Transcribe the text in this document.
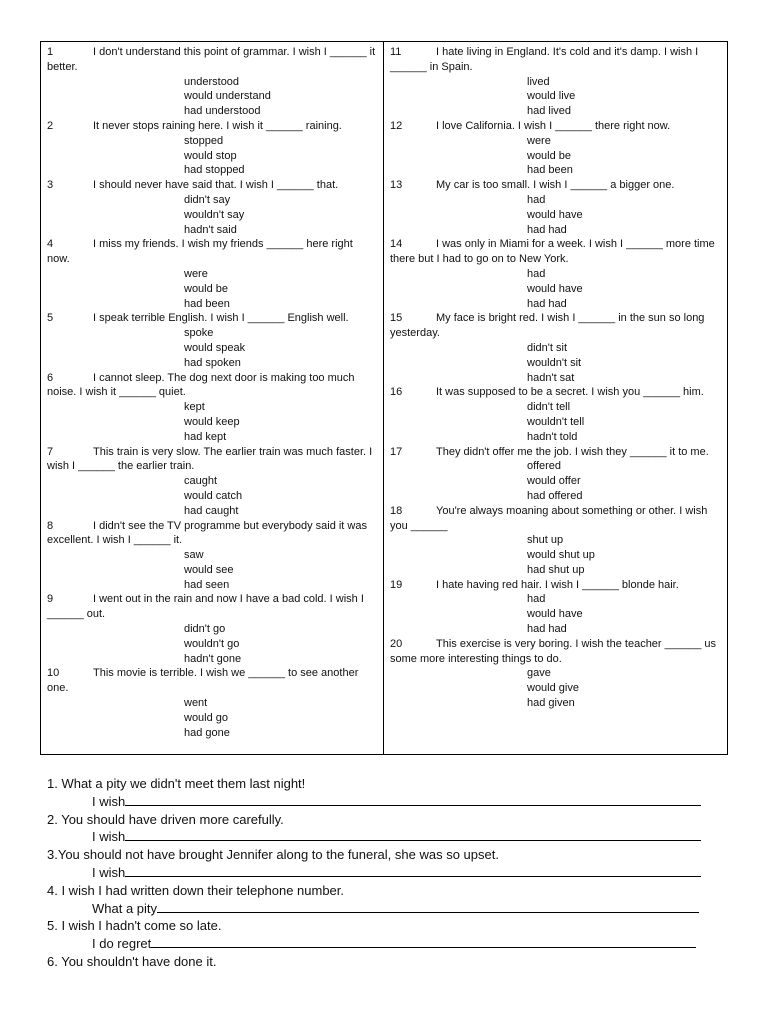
1	I don't understand this point of grammar. I wish I ______ it better.
understood
would understand
had understood
2	It never stops raining here. I wish it ______ raining.
stopped
would stop
had stopped
3	I should never have said that. I wish I ______ that.
didn't say
wouldn't say
hadn't said
4	I miss my friends. I wish my friends ______ here right now.
were
would be
had been
5	I speak terrible English. I wish I ______ English well.
spoke
would speak
had spoken
6	I cannot sleep. The dog next door is making too much noise. I wish it ______ quiet.
kept
would keep
had kept
7	This train is very slow. The earlier train was much faster. I wish I ______ the earlier train.
caught
would catch
had caught
8	I didn't see the TV programme but everybody said it was excellent. I wish I ______ it.
saw
would see
had seen
9	I went out in the rain and now I have a bad cold. I wish I ______ out.
didn't go
wouldn't go
hadn't gone
10	This movie is terrible. I wish we ______ to see another one.
went
would go
had gone
11	I hate living in England. It's cold and it's damp. I wish I ______ in Spain.
lived
would live
had lived
12	I love California. I wish I ______ there right now.
were
would be
had been
13	My car is too small. I wish I ______ a bigger one.
had
would have
had had
14	I was only in Miami for a week. I wish I ______ more time there but I had to go on to New York.
had
would have
had had
15	My face is bright red. I wish I ______ in the sun so long yesterday.
didn't sit
wouldn't sit
hadn't sat
16	It was supposed to be a secret. I wish you ______ him.
didn't tell
wouldn't tell
hadn't told
17	They didn't offer me the job. I wish they ______ it to me.
offered
would offer
had offered
18	You're always moaning about something or other. I wish you ______
shut up
would shut up
had shut up
19	I hate having red hair. I wish I ______ blonde hair.
had
would have
had had
20	This exercise is very boring. I wish the teacher ______ us some more interesting things to do.
gave
would give
had given
1. What a pity we didn't meet them last night!
I wish
2. You should have driven more carefully.
I wish
3.You should not have brought Jennifer along to the funeral, she was so upset.
I wish
4. I wish I had written down their telephone number.
What a pity
5. I wish I hadn't come so late.
I do regret
6. You shouldn't have done it.
